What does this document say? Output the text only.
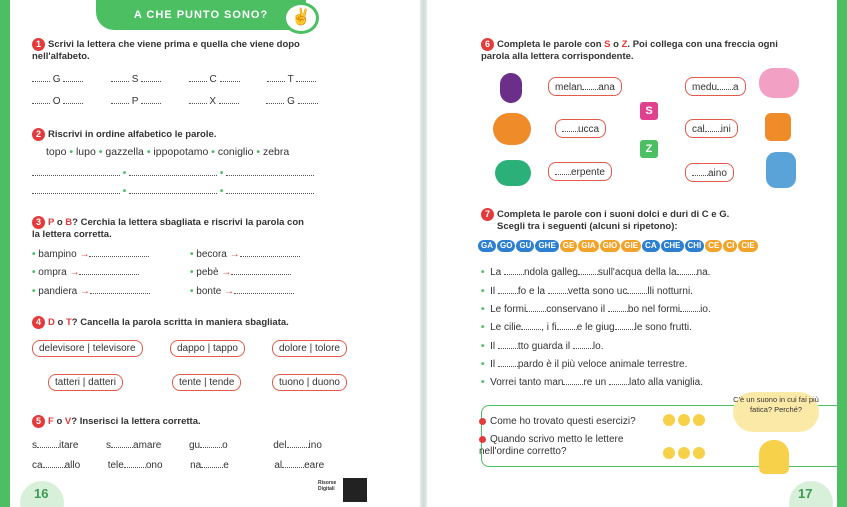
A CHE PUNTO SONO?	✌
1 Scrivi la lettera che viene prima e quella che viene dopo nell'alfabeto.
G	S	C	T
O	P	X	G
2 Riscrivi in ordine alfabetico le parole.
topo • lupo • gazzella • ippopotamo • coniglio • zebra
•	•
•	•
3 P o B? Cerchia la lettera sbagliata e riscrivi la parola con la lettera corretta.
• bampino →
• ompra →
• pandiera →
• becora →
• pebè →
• bonte →
4 D o T? Cancella la parola scritta in maniera sbagliata.
delevisore | televisore	dappo | tappo	dolore | tolore
tatteri | datteri	tente | tende	tuono | duono
5 F o V? Inserisci la lettera corretta.
s itare	s amare	gu o	del ino
ca allo	tele ono	na e	al eare
16
Risorse Digitali
6 Completa le parole con S o Z. Poi collega con una freccia ogni parola alla lettera corrispondente.
melan ana
ucca
erpente
S
Z
medu a
cal ini
aino
7 Completa le parole con i suoni dolci e duri di C e G.
Scegli tra i seguenti (alcuni si ripetono):
GA GO GU GHE GE GIA GIO GIE CA CHE CHI CE CI CIE
• La ndola galleg sull'acqua della la na.
• Il fo e la vetta sono uc lli notturni.
• Le formi conservano il bo nel formi io.
• Le cilie , i fi e le giug le sono frutti.
• Il tto guarda il lo.
• Il pardo è il più veloce animale terrestre.
• Vorrei tanto man re un lato alla vaniglia.
Come ho trovato questi esercizi?
Quando scrivo metto le lettere nell'ordine corretto?
C'è un suono in cui fai più fatica? Perché?
17
